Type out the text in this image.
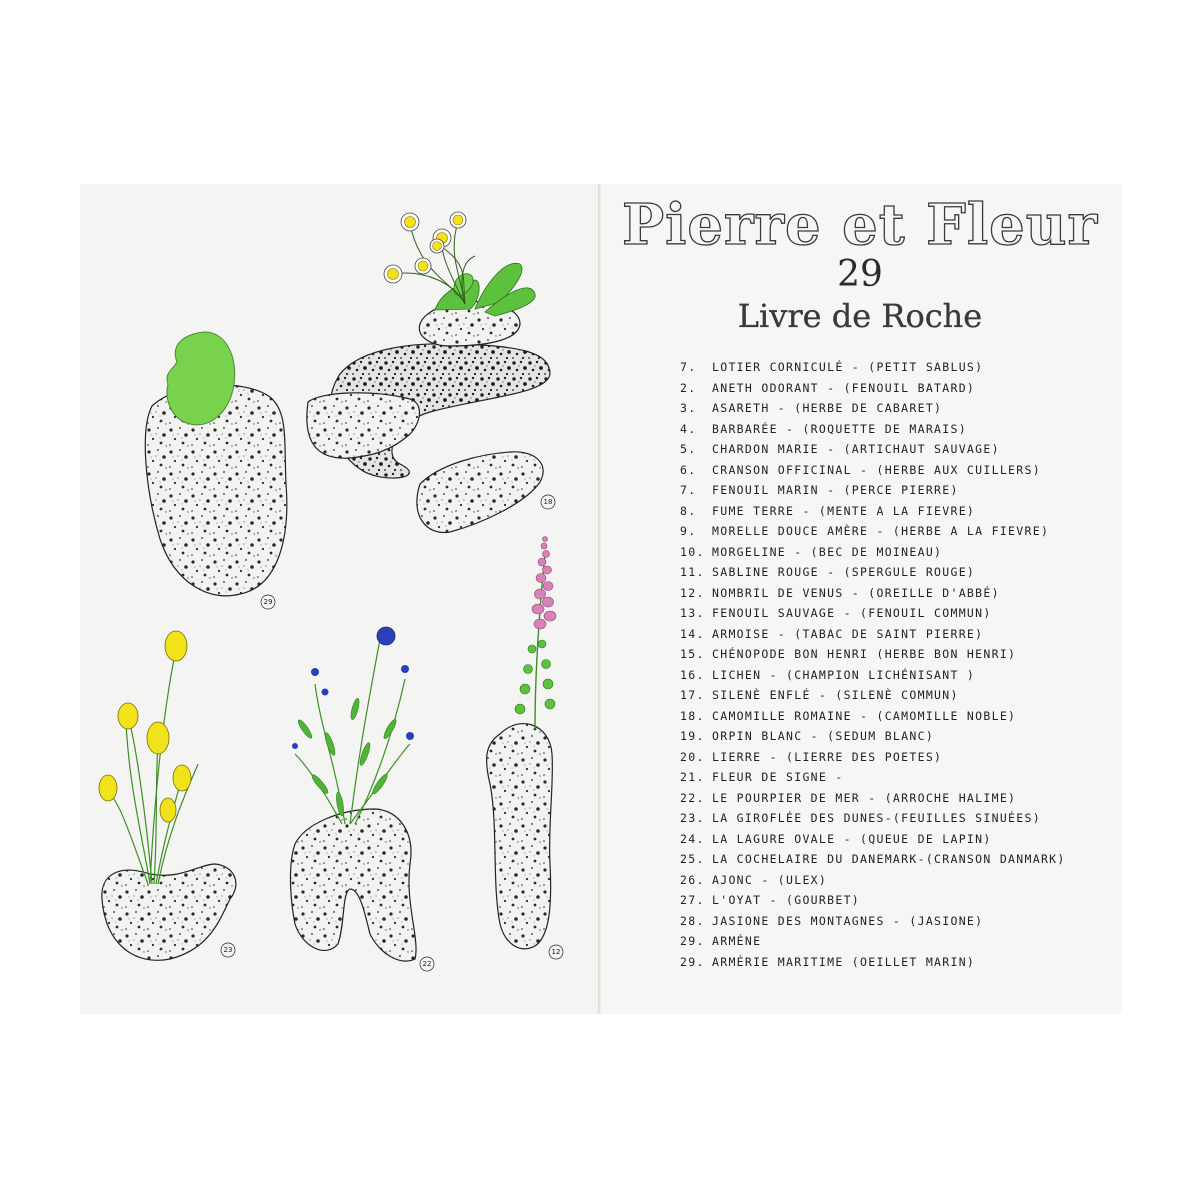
29
18
23
22
12
Pierre et Fleur
29
Livre de Roche
7. LOTIER CORNICULÉ - (PETIT SABLUS)
2. ANETH ODORANT - (FENOUIL BATARD)
3. ASARETH - (HERBE DE CABARET)
4. BARBARÉE - (ROQUETTE DE MARAIS)
5. CHARDON MARIE - (ARTICHAUT SAUVAGE)
6. CRANSON OFFICINAL - (HERBE AUX CUILLERS)
7. FENOUIL MARIN - (PERCE PIERRE)
8. FUME TERRE - (MENTE A LA FIEVRE)
9. MORELLE DOUCE AMÈRE - (HERBE A LA FIEVRE)
10. MORGELINE - (BEC DE MOINEAU)
11. SABLINE ROUGE - (SPERGULE ROUGE)
12. NOMBRIL DE VENUS - (OREILLE D'ABBÉ)
13. FENOUIL SAUVAGE - (FENOUIL COMMUN)
14. ARMOISE - (TABAC DE SAINT PIERRE)
15. CHÉNOPODE BON HENRI (HERBE BON HENRI)
16. LICHEN - (CHAMPION LICHÉNISANT )
17. SILENÈ ENFLÉ - (SILENÈ COMMUN)
18. CAMOMILLE ROMAINE - (CAMOMILLE NOBLE)
19. ORPIN BLANC - (SEDUM BLANC)
20. LIERRE - (LIERRE DES POETES)
21. FLEUR DE SIGNE -
22. LE POURPIER DE MER - (ARROCHE HALIME)
23. LA GIROFLÉE DES DUNES-(FEUILLES SINUÉES)
24. LA LAGURE OVALE - (QUEUE DE LAPIN)
25. LA COCHELAIRE DU DANEMARK-(CRANSON DANMARK)
26. AJONC - (ULEX)
27. L'OYAT - (GOURBET)
28. JASIONE DES MONTAGNES - (JASIONE)
29. ARMÉNE
29. ARMÉRIE MARITIME (OEILLET MARIN)
